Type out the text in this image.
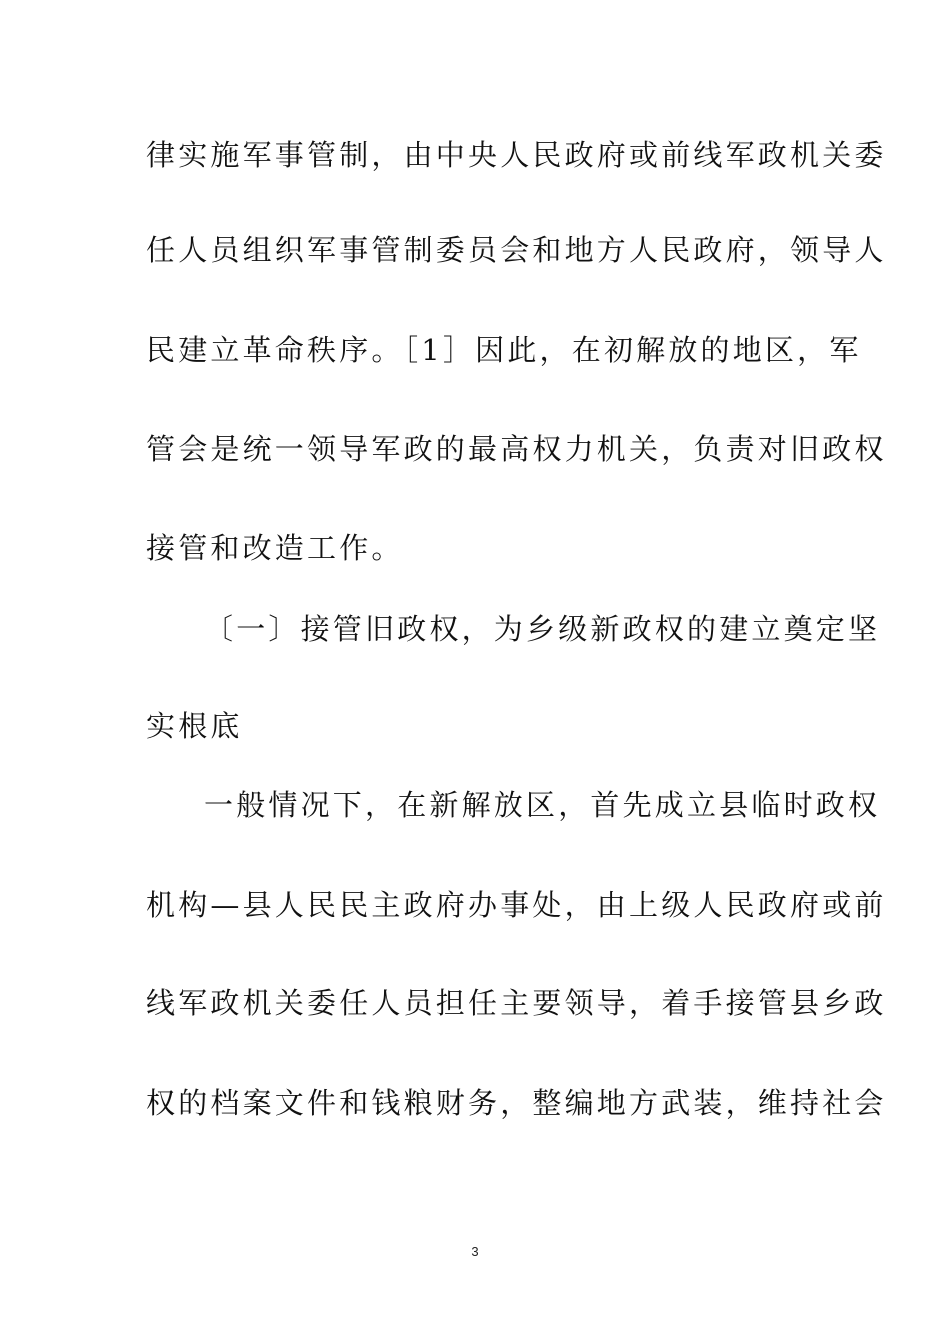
律实施军事管制，由中央人民政府或前线军政机关委
任人员组织军事管制委员会和地方人民政府，领导人
民建立革命秩序。［1］因此，在初解放的地区，军
管会是统一领导军政的最高权力机关，负责对旧政权
接管和改造工作。
〔一〕接管旧政权，为乡级新政权的建立奠定坚
实根底
一般情况下，在新解放区，首先成立县临时政权
机构—县人民民主政府办事处，由上级人民政府或前
线军政机关委任人员担任主要领导，着手接管县乡政
权的档案文件和钱粮财务，整编地方武装，维持社会
3
